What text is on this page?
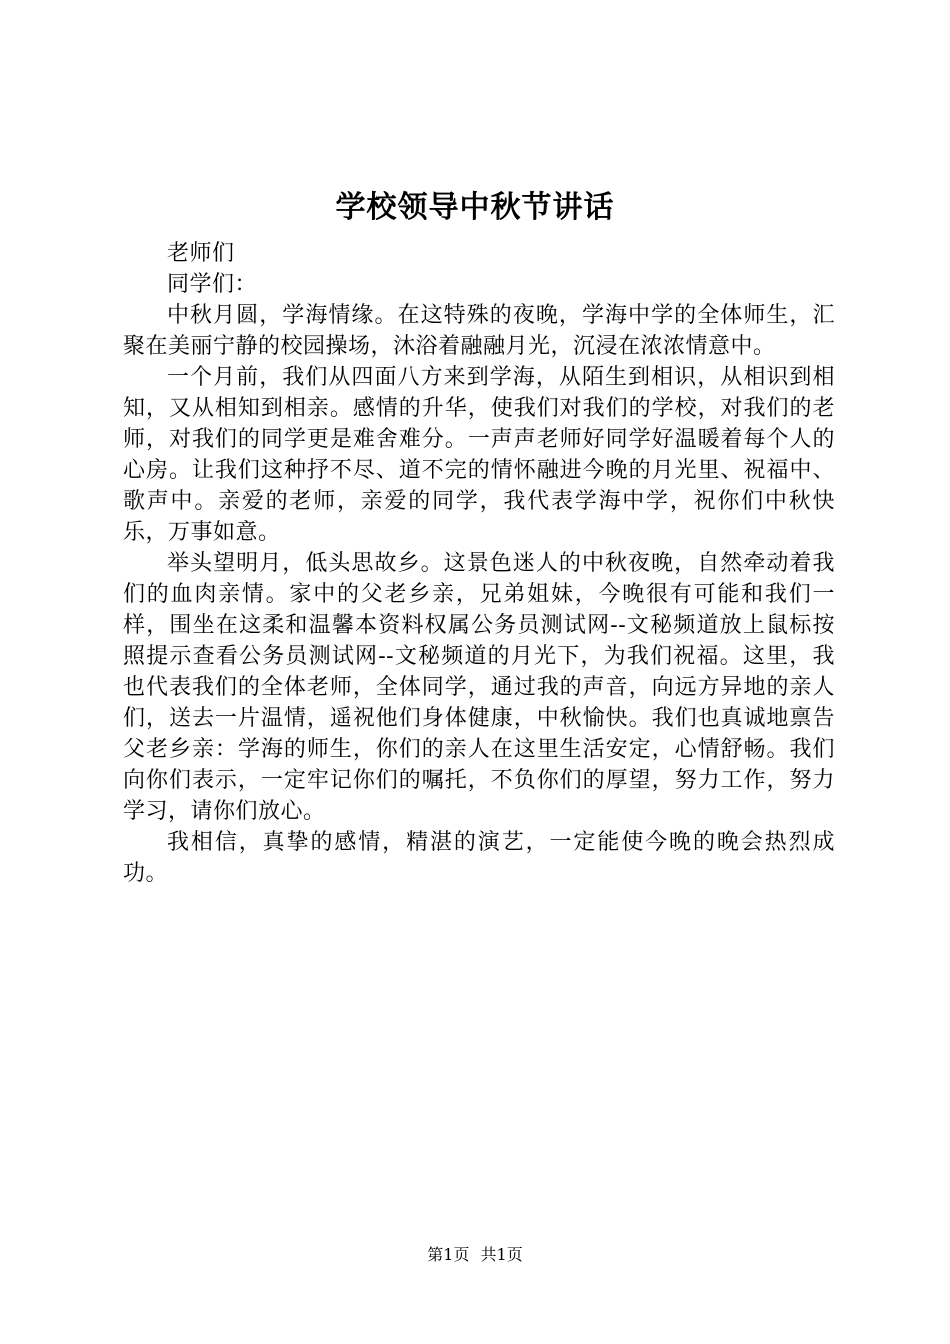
学校领导中秋节讲话

老师们

同学们：

中秋月圆，学海情缘。在这特殊的夜晚，学海中学的全体师生，汇聚在美丽宁静的校园操场，沐浴着融融月光，沉浸在浓浓情意中。

一个月前，我们从四面八方来到学海，从陌生到相识，从相识到相知，又从相知到相亲。感情的升华，使我们对我们的学校，对我们的老师，对我们的同学更是难舍难分。一声声老师好同学好温暖着每个人的心房。让我们这种抒不尽、道不完的情怀融进今晚的月光里、祝福中、歌声中。亲爱的老师，亲爱的同学，我代表学海中学，祝你们中秋快乐，万事如意。

举头望明月，低头思故乡。这景色迷人的中秋夜晚，自然牵动着我们的血肉亲情。家中的父老乡亲，兄弟姐妹，今晚很有可能和我们一样，围坐在这柔和温馨本资料权属公务员测试网--文秘频道放上鼠标按照提示查看公务员测试网--文秘频道的月光下，为我们祝福。这里，我也代表我们的全体老师，全体同学，通过我的声音，向远方异地的亲人们，送去一片温情，遥祝他们身体健康，中秋愉快。我们也真诚地禀告父老乡亲：学海的师生，你们的亲人在这里生活安定，心情舒畅。我们向你们表示，一定牢记你们的嘱托，不负你们的厚望，努力工作，努力学习，请你们放心。

我相信，真挚的感情，精湛的演艺，一定能使今晚的晚会热烈成功。

第1页 共1页
